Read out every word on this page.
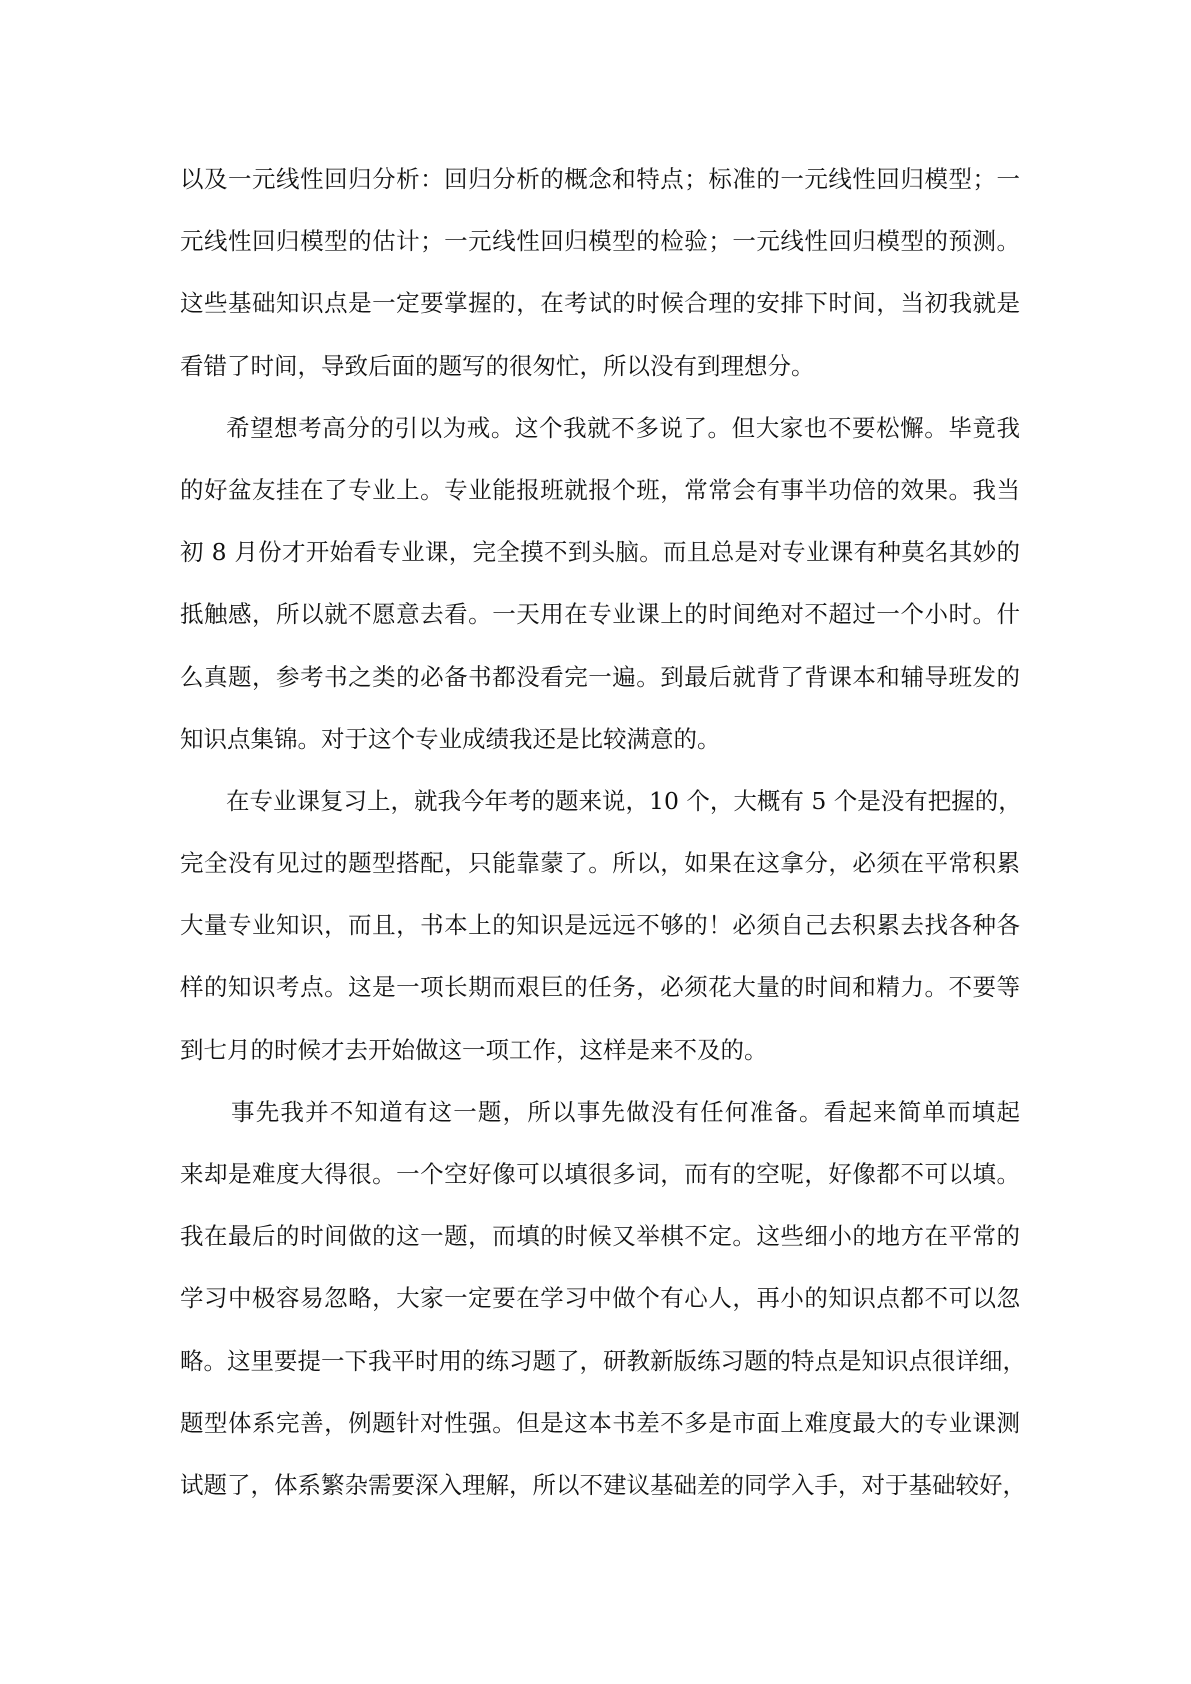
以及一元线性回归分析：回归分析的概念和特点；标准的一元线性回归模型；一
元线性回归模型的估计；一元线性回归模型的检验；一元线性回归模型的预测。
这些基础知识点是一定要掌握的，在考试的时候合理的安排下时间，当初我就是
看错了时间，导致后面的题写的很匆忙，所以没有到理想分。
希望想考高分的引以为戒。这个我就不多说了。但大家也不要松懈。毕竟我
的好盆友挂在了专业上。专业能报班就报个班，常常会有事半功倍的效果。我当
初 8 月份才开始看专业课，完全摸不到头脑。而且总是对专业课有种莫名其妙的
抵触感，所以就不愿意去看。一天用在专业课上的时间绝对不超过一个小时。什
么真题，参考书之类的必备书都没看完一遍。到最后就背了背课本和辅导班发的
知识点集锦。对于这个专业成绩我还是比较满意的。
在专业课复习上，就我今年考的题来说，10 个，大概有 5 个是没有把握的，
完全没有见过的题型搭配，只能靠蒙了。所以，如果在这拿分，必须在平常积累
大量专业知识，而且，书本上的知识是远远不够的！必须自己去积累去找各种各
样的知识考点。这是一项长期而艰巨的任务，必须花大量的时间和精力。不要等
到七月的时候才去开始做这一项工作，这样是来不及的。
事先我并不知道有这一题，所以事先做没有任何准备。看起来简单而填起
来却是难度大得很。一个空好像可以填很多词，而有的空呢，好像都不可以填。
我在最后的时间做的这一题，而填的时候又举棋不定。这些细小的地方在平常的
学习中极容易忽略，大家一定要在学习中做个有心人，再小的知识点都不可以忽
略。这里要提一下我平时用的练习题了，研教新版练习题的特点是知识点很详细，
题型体系完善，例题针对性强。但是这本书差不多是市面上难度最大的专业课测
试题了，体系繁杂需要深入理解，所以不建议基础差的同学入手，对于基础较好，
